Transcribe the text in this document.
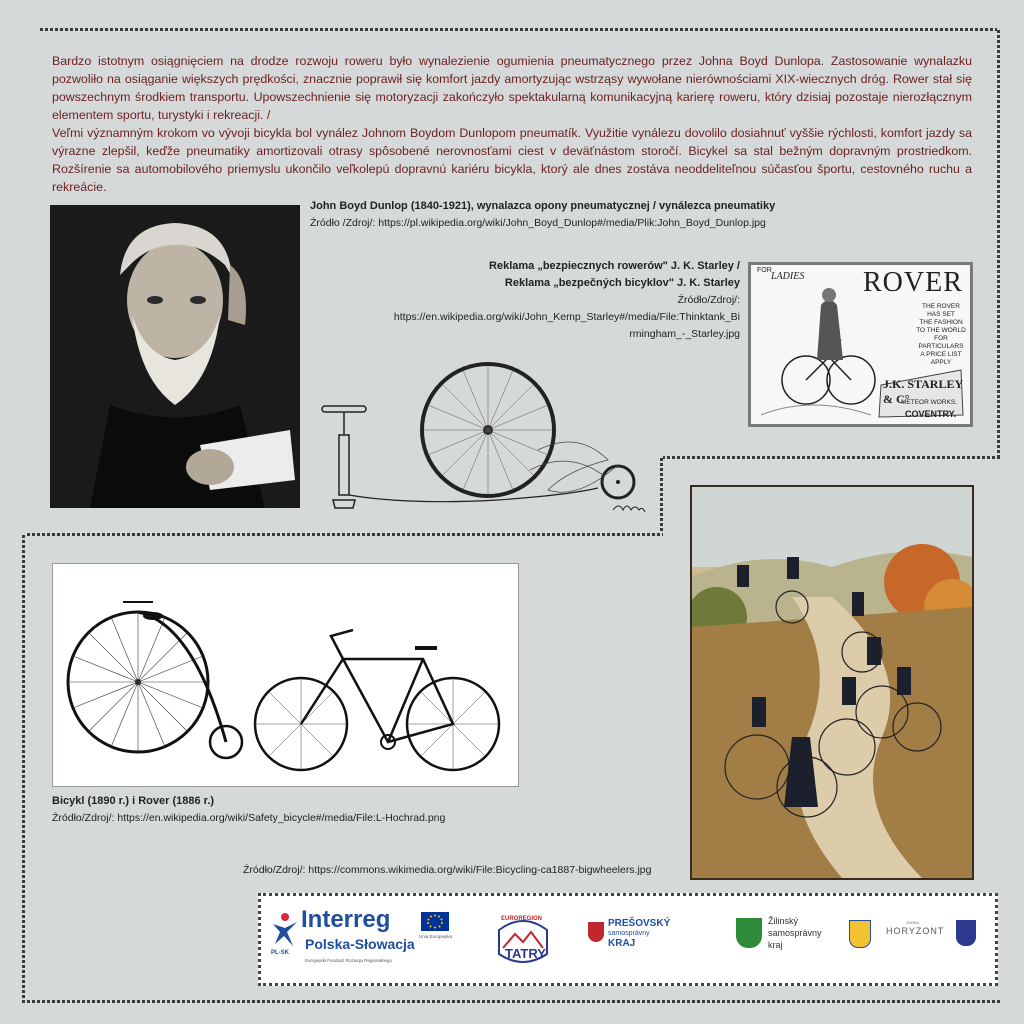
Bardzo istotnym osiągnięciem na drodze rozwoju roweru było wynalezienie ogumienia pneumatycznego przez Johna Boyd Dunlopa. Zastosowanie wynalazku pozwoliło na osiąganie większych prędkości, znacznie poprawił się komfort jazdy amortyzując wstrząsy wywołane nierównościami XIX-wiecznych dróg. Rower stał się powszechnym środkiem transportu. Upowszechnienie się motoryzacji zakończyło spektakularną komunikacyjną karierę roweru, który dzisiaj pozostaje nierozłącznym elementem sportu, turystyki i rekreacji. /

Veľmi významným krokom vo vývoji bicykla bol vynález Johnom Boydom Dunlopom pneumatík. Využitie vynálezu dovolilo dosiahnuť vyššie rýchlosti, komfort jazdy sa výrazne zlepšil, keďže pneumatiky amortizovali otrasy spôsobené nerovnosťami ciest v deväťnástom storočí. Bicykel sa stal bežným dopravným prostriedkom. Rozšírenie sa automobilového priemyslu ukončilo veľkolepú dopravnú kariéru bicykla, ktorý ale dnes zostáva neoddeliteľnou súčasťou športu, cestovného ruchu a rekreácie.

John Boyd Dunlop (1840-1921), wynalazca opony pneumatycznej / vynálezca pneumatiky
Źródło /Zdroj/: https://pl.wikipedia.org/wiki/John_Boyd_Dunlop#/media/Plik:John_Boyd_Dunlop.jpg
Reklama „bezpiecznych rowerów" J. K. Starley /
Reklama „bezpečných bicyklov" J. K. Starley
Źródło/Zdroj/:
https://en.wikipedia.org/wiki/John_Kemp_Starley#/media/File:Thinktank_Bi
rmingham_-_Starley.jpg
FOR
LADIES ROVER
THE ROVER
HAS SET
THE FASHION
TO THE WORLD
FOR PARTICULARS
A PRICE LIST
APPLY
J.K. STARLEY & C°
METEOR WORKS,
COVENTRY.
Bicykl (1890 r.) i Rover (1886 r.)
Źródło/Zdroj/: https://en.wikipedia.org/wiki/Safety_bicycle#/media/File:L-Hochrad.png
Źródło/Zdroj/: https://commons.wikimedia.org/wiki/File:Bicycling-ca1887-bigwheelers.jpg
PL-SK
Interreg
Polska-Słowacja
Europejski Fundusz Rozwoju Regionalnego
Unia Europejska
EUROREGION
TATRY
PREŠOVSKÝ
samosprávny
KRAJ
Žilinský
samosprávny
kraj
GMINA
HORYZONT
